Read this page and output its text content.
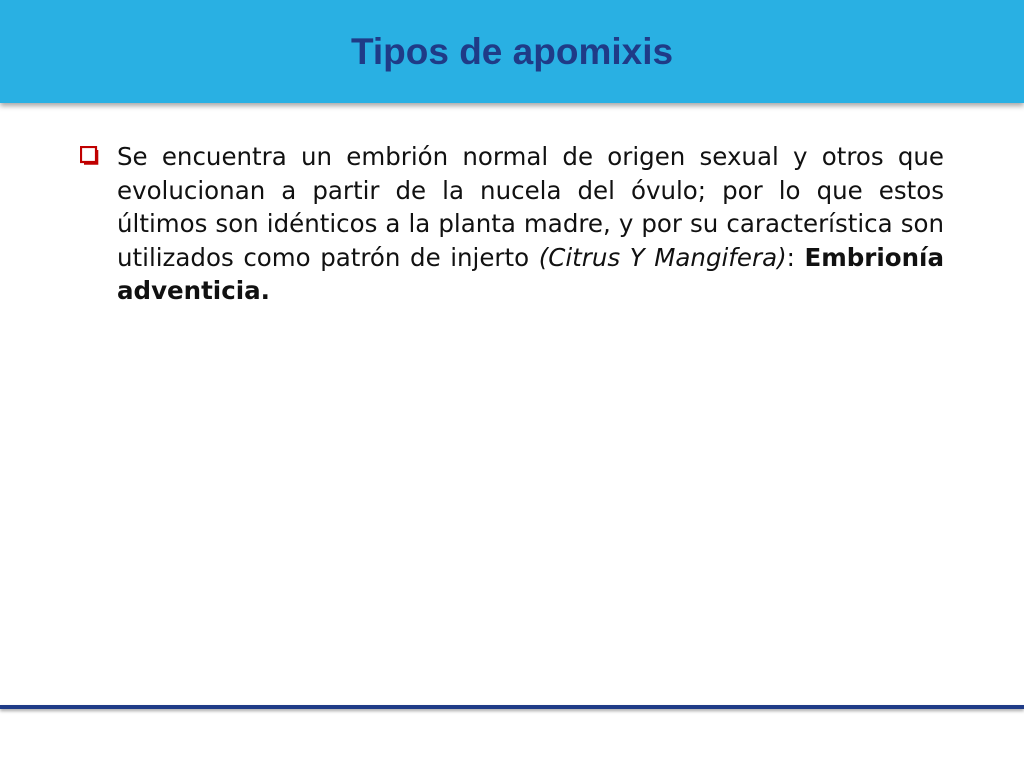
Tipos de apomixis

Se encuentra un embrión normal de origen sexual y otros que evolucionan a partir de la nucela del óvulo; por lo que estos últimos son idénticos a la planta madre, y por su característica son utilizados como patrón de injerto (Citrus Y Mangifera): Embrionía adventicia.
